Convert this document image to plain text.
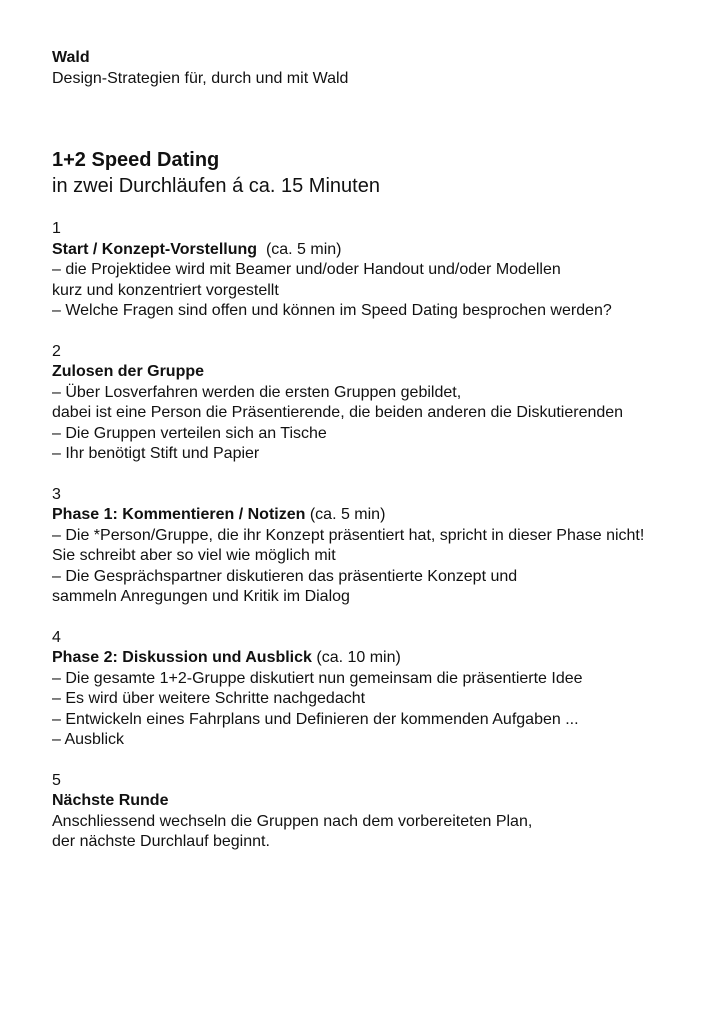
Wald
Design-Strategien für, durch und mit Wald
1+2 Speed Dating
in zwei Durchläufen á ca. 15 Minuten
1
Start / Konzept-Vorstellung  (ca. 5 min)
– die Projektidee wird mit Beamer und/oder Handout und/oder Modellen
kurz und konzentriert vorgestellt
– Welche Fragen sind offen und können im Speed Dating besprochen werden?
2
Zulosen der Gruppe
– Über Losverfahren werden die ersten Gruppen gebildet,
dabei ist eine Person die Präsentierende, die beiden anderen die Diskutierenden
– Die Gruppen verteilen sich an Tische
– Ihr benötigt Stift und Papier
3
Phase 1: Kommentieren / Notizen (ca. 5 min)
– Die *Person/Gruppe, die ihr Konzept präsentiert hat, spricht in dieser Phase nicht!
Sie schreibt aber so viel wie möglich mit
– Die Gesprächspartner diskutieren das präsentierte Konzept und
sammeln Anregungen und Kritik im Dialog
4
Phase 2: Diskussion und Ausblick (ca. 10 min)
– Die gesamte 1+2-Gruppe diskutiert nun gemeinsam die präsentierte Idee
– Es wird über weitere Schritte nachgedacht
– Entwickeln eines Fahrplans und Definieren der kommenden Aufgaben ...
– Ausblick
5
Nächste Runde
Anschliessend wechseln die Gruppen nach dem vorbereiteten Plan,
der nächste Durchlauf beginnt.
